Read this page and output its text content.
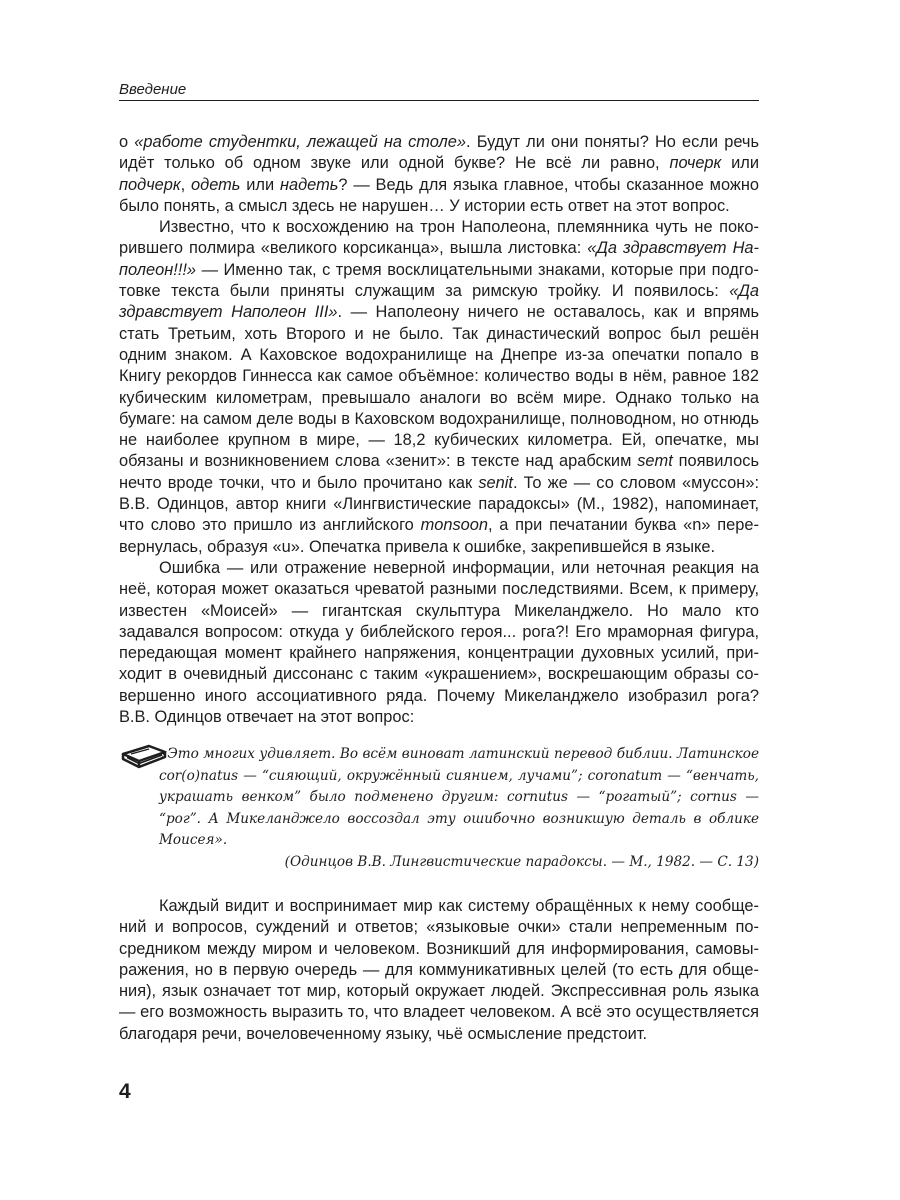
Введение

о «работе студентки, лежащей на столе». Будут ли они поняты? Но если речь идёт только об одном звуке или одной букве? Не всё ли равно, почерк или подчерк, одеть или надеть? — Ведь для языка главное, чтобы сказанное можно было понять, а смысл здесь не нарушен… У истории есть ответ на этот вопрос.

Известно, что к восхождению на трон Наполеона, племянника чуть не покорившего полмира «великого корсиканца», вышла листовка: «Да здравствует Наполеон!!!» — Именно так, с тремя восклицательными знаками, которые при подготовке текста были приняты служащим за римскую тройку. И появилось: «Да здравствует Наполеон III». — Наполеону ничего не оставалось, как и впрямь стать Третьим, хоть Второго и не было. Так династический вопрос был решён одним знаком. А Каховское водохранилище на Днепре из-за опечатки попало в Книгу рекордов Гиннесса как самое объёмное: количество воды в нём, равное 182 кубическим километрам, превышало аналоги во всём мире. Однако только на бумаге: на самом деле воды в Каховском водохранилище, полноводном, но отнюдь не наиболее крупном в мире, — 18,2 кубических километра. Ей, опечатке, мы обязаны и возникновением слова «зенит»: в тексте над арабским semt появилось нечто вроде точки, что и было прочитано как senit. То же — со словом «муссон»: В.В. Одинцов, автор книги «Лингвистические парадоксы» (М., 1982), напоминает, что слово это пришло из английского monsoon, а при печатании буква «n» перевернулась, образуя «u». Опечатка привела к ошибке, закрепившейся в языке.

Ошибка — или отражение неверной информации, или неточная реакция на неё, которая может оказаться чреватой разными последствиями. Всем, к примеру, известен «Моисей» — гигантская скульптура Микеланджело. Но мало кто задавался вопросом: откуда у библейского героя... рога?! Его мраморная фигура, передающая момент крайнего напряжения, концентрации духовных усилий, приходит в очевидный диссонанс с таким «украшением», воскрешающим образы совершенно иного ассоциативного ряда. Почему Микеланджело изобразил рога? В.В. Одинцов отвечает на этот вопрос:

«Это многих удивляет. Во всём виноват латинский перевод библии. Латинское cor(o)natus — “сияющий, окружённый сиянием, лучами”; coronatum — “венчать, украшать венком” было подменено другим: cornutus — “рогатый”; cornus — “рог”. А Микеланджело воссоздал эту ошибочно возникшую деталь в облике Моисея».

(Одинцов В.В. Лингвистические парадоксы. — М., 1982. — С. 13)

Каждый видит и воспринимает мир как систему обращённых к нему сообщений и вопросов, суждений и ответов; «языковые очки» стали непременным посредником между миром и человеком. Возникший для информирования, самовыражения, но в первую очередь — для коммуникативных целей (то есть для общения), язык означает тот мир, который окружает людей. Экспрессивная роль языка — его возможность выразить то, что владеет человеком. А всё это осуществляется благодаря речи, вочеловеченному языку, чьё осмысление предстоит.

4
